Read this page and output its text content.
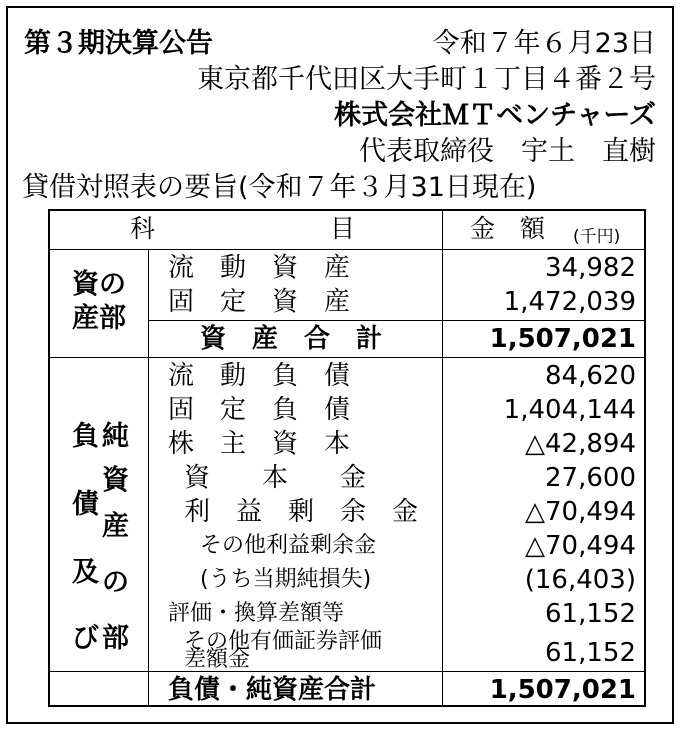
第３期決算公告	令和７年６月23日
東京都千代田区大手町１丁目４番２号
株式会社ＭＴベンチャーズ
代表取締役　宇土　直樹
貸借対照表の要旨(令和７年３月31日現在)
科	目	金　額 (千円)
資の
産部
流　動　資　産	34,982
固　定　資　産	1,472,039
資　産　合　計	1,507,021
負
債
及
び 部
純
資
産
の
流　動　負　債	84,620
固　定　負　債	1,404,144
株　主　資　本	△42,894
資　　本　　金	27,600
利　益　剰　余　金	△70,494
その他利益剰余金	△70,494
(うち当期純損失)	(16,403)
評価・換算差額等	61,152
その他有価証券評価
差額金	61,152
負債・純資産合計	1,507,021
